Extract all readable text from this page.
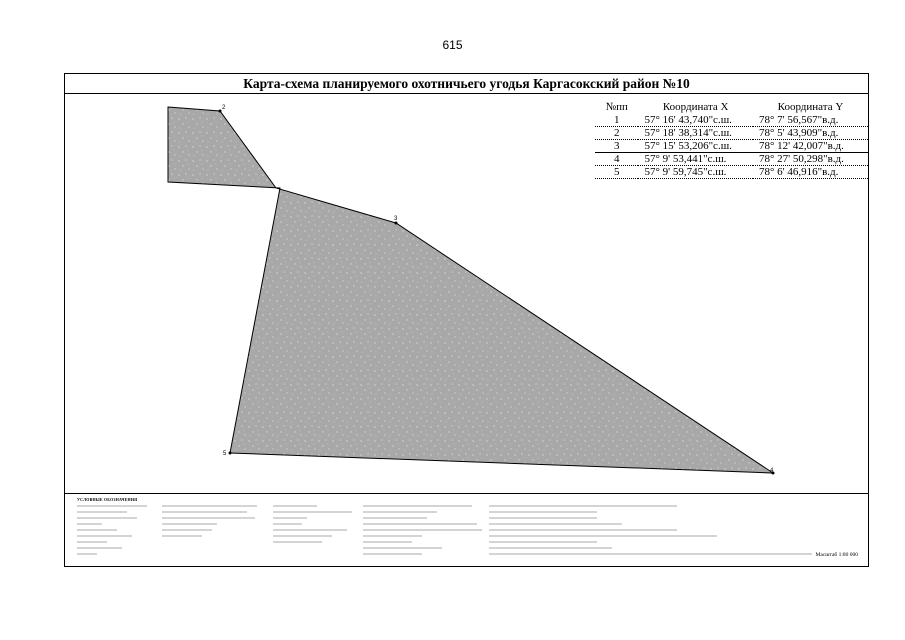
615
Карта-схема планируемого охотничьего угодья Каргасокский район №10
2
3
4
5
№пп	Координата X	Координата Y
1	57° 16' 43,740"с.ш.	78° 7' 56,567"в.д.
2	57° 18' 38,314"с.ш.	78° 5' 43,909"в.д.
3	57° 15' 53,206"с.ш.	78° 12' 42,007"в.д.
4	57° 9' 53,441"с.ш.	78° 27' 50,298"в.д.
5	57° 9' 59,745"с.ш.	78° 6' 46,916"в.д.
УСЛОВНЫЕ ОБОЗНАЧЕНИЯ
Масштаб 1:80 000
